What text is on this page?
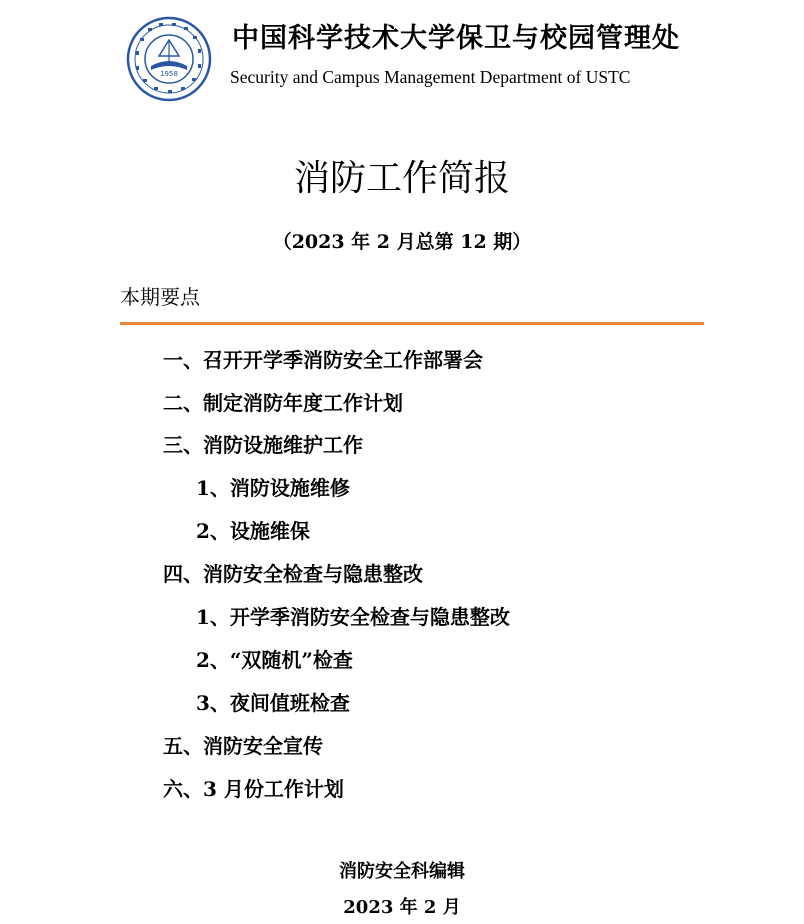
1958
中国科学技术大学保卫与校园管理处
Security and Campus Management Department of USTC
消防工作简报
（2023 年 2 月总第 12 期）
本期要点
一、召开开学季消防安全工作部署会
二、制定消防年度工作计划
三、消防设施维护工作
1、消防设施维修
2、设施维保
四、消防安全检查与隐患整改
1、开学季消防安全检查与隐患整改
2、“双随机”检查
3、夜间值班检查
五、消防安全宣传
六、3 月份工作计划
消防安全科编辑
2023 年 2 月
